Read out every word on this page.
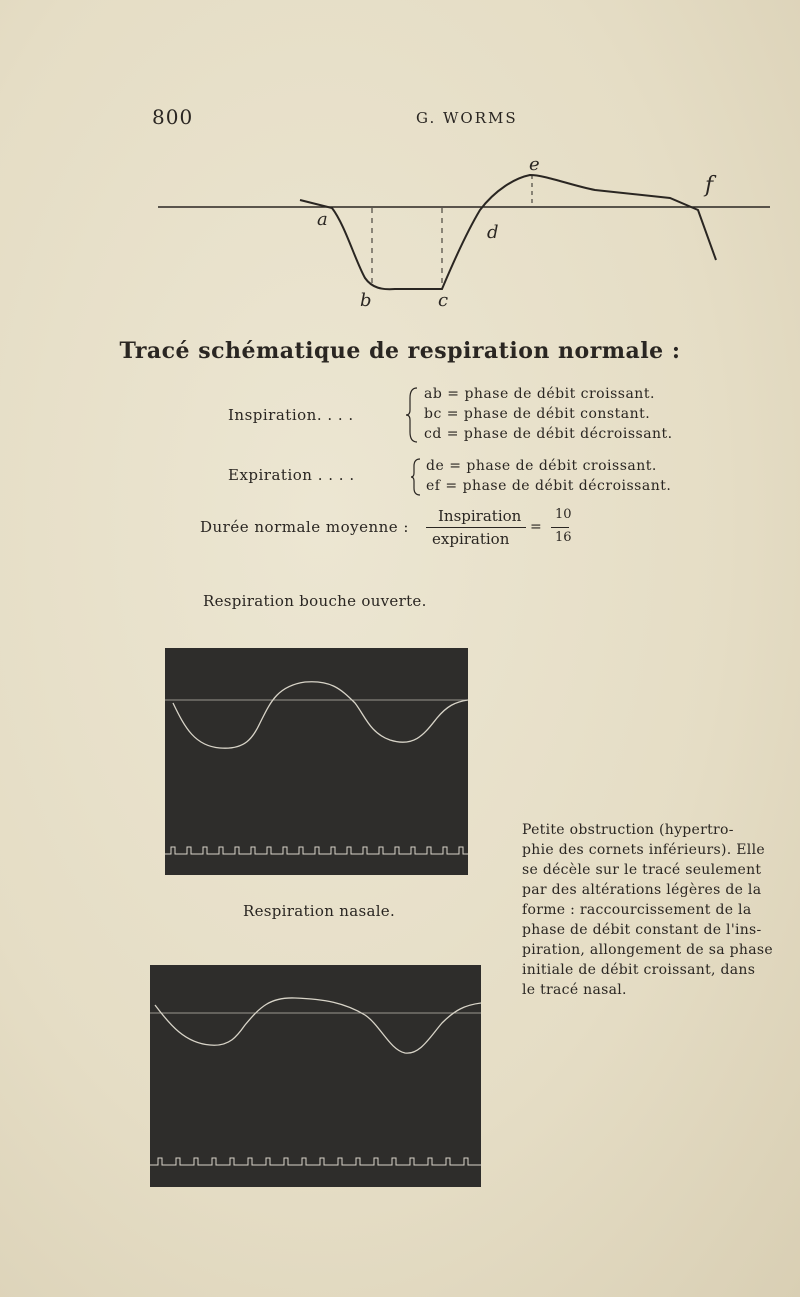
800	G. WORMS
a
b	c
d
e
f
Tracé schématique de respiration normale :
Inspiration. . . .
ab = phase de débit croissant.
bc = phase de débit constant.
cd = phase de débit décroissant.
Expiration . . . .	de = phase de débit croissant.
ef = phase de débit décroissant.
Durée normale moyenne :
Inspiration
expiration
=
10
16
Respiration bouche ouverte.
Respiration nasale.
Petite obstruction (hypertro-
phie des cornets inférieurs). Elle
se décèle sur le tracé seulement
par des altérations légères de la
forme : raccourcissement de la
phase de débit constant de l'ins-
piration, allongement de sa phase
initiale de débit croissant, dans
le tracé nasal.
